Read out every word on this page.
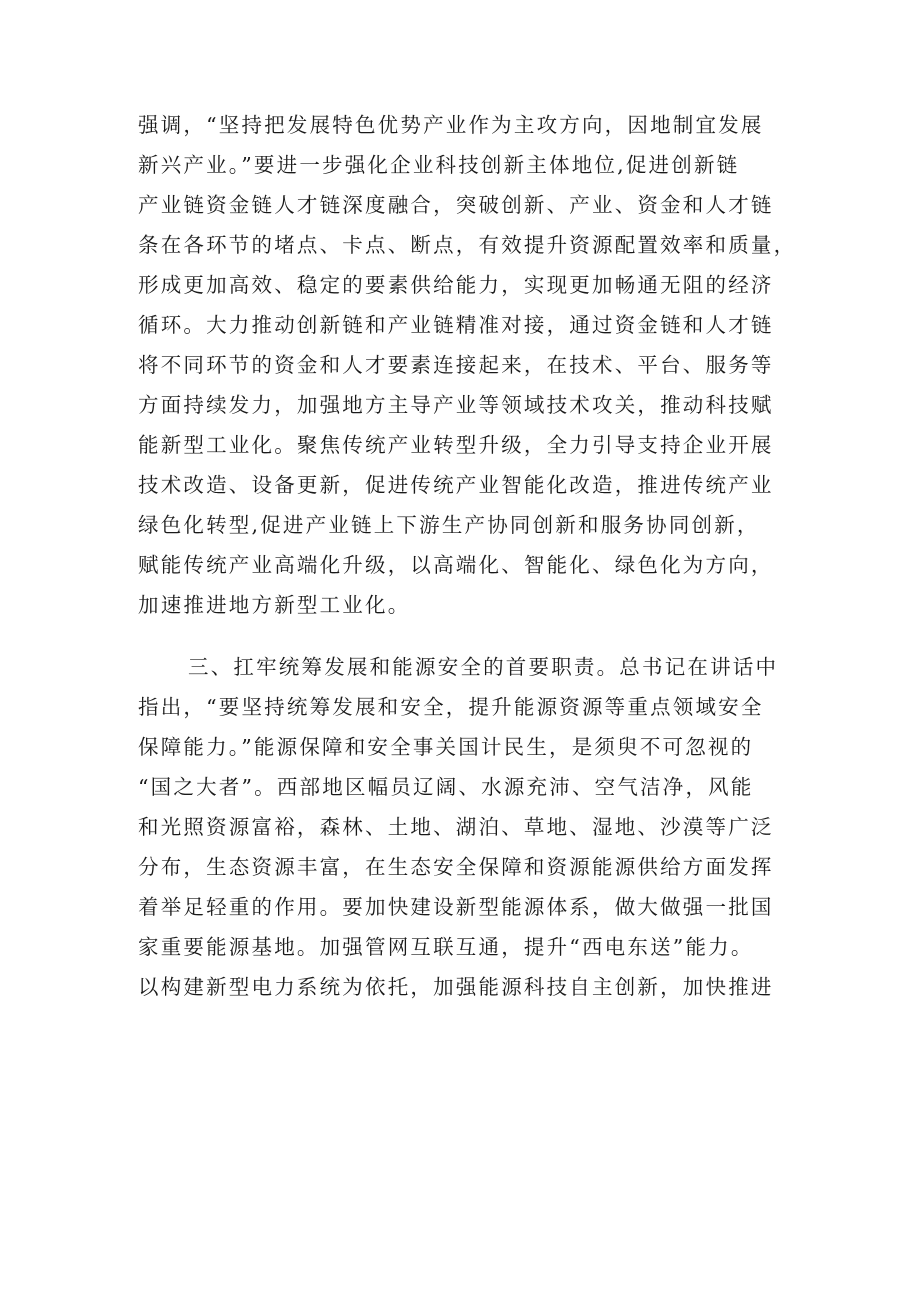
强调，“坚持把发展特色优势产业作为主攻方向，因地制宜发展
新兴产业。”要进一步强化企业科技创新主体地位,促进创新链
产业链资金链人才链深度融合，突破创新、产业、资金和人才链
条在各环节的堵点、卡点、断点，有效提升资源配置效率和质量，
形成更加高效、稳定的要素供给能力，实现更加畅通无阻的经济
循环。大力推动创新链和产业链精准对接，通过资金链和人才链
将不同环节的资金和人才要素连接起来，在技术、平台、服务等
方面持续发力，加强地方主导产业等领域技术攻关，推动科技赋
能新型工业化。聚焦传统产业转型升级，全力引导支持企业开展
技术改造、设备更新，促进传统产业智能化改造，推进传统产业
绿色化转型,促进产业链上下游生产协同创新和服务协同创新，
赋能传统产业高端化升级，以高端化、智能化、绿色化为方向，
加速推进地方新型工业化。
三、扛牢统筹发展和能源安全的首要职责。总书记在讲话中
指出，“要坚持统筹发展和安全，提升能源资源等重点领域安全
保障能力。”能源保障和安全事关国计民生，是须臾不可忽视的
“国之大者”。西部地区幅员辽阔、水源充沛、空气洁净，风能
和光照资源富裕，森林、土地、湖泊、草地、湿地、沙漠等广泛
分布，生态资源丰富，在生态安全保障和资源能源供给方面发挥
着举足轻重的作用。要加快建设新型能源体系，做大做强一批国
家重要能源基地。加强管网互联互通，提升“西电东送”能力。
以构建新型电力系统为依托，加强能源科技自主创新，加快推进
